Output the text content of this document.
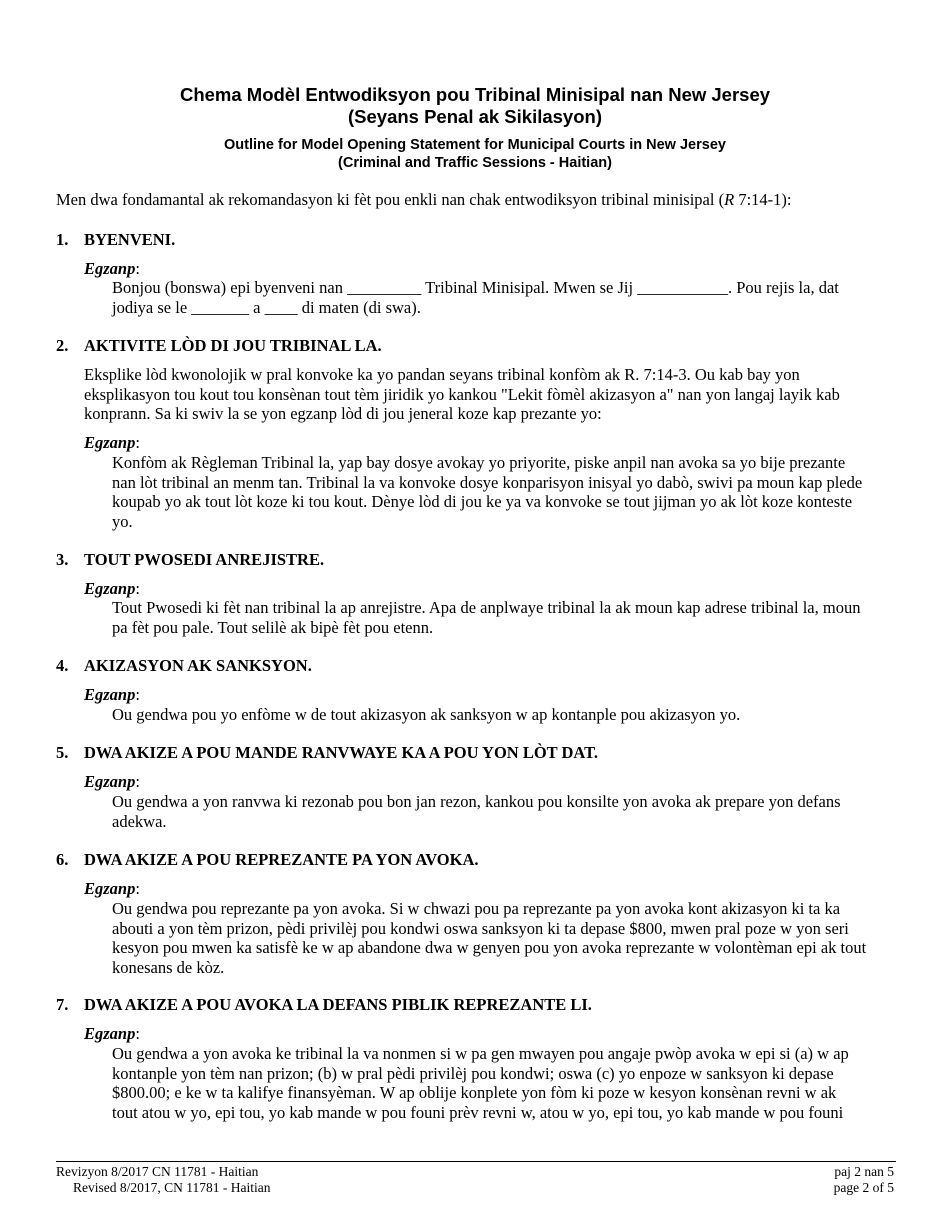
Chema Modèl Entwodiksyon pou Tribinal Minisipal nan New Jersey
(Seyans Penal ak Sikilasyon)
Outline for Model Opening Statement for Municipal Courts in New Jersey
(Criminal and Traffic Sessions - Haitian)
Men dwa fondamantal ak rekomandasyon ki fèt pou enkli nan chak entwodiksyon tribinal minisipal (R 7:14-1):
1. BYENVENI.
Egzanp:
Bonjou (bonswa) epi byenveni nan _________ Tribinal Minisipal. Mwen se Jij ___________. Pou rejis la, dat
jodiya se le _______ a ____ di maten (di swa).
2. AKTIVITE LÒD DI JOU TRIBINAL LA.
Eksplike lòd kwonolojik w pral konvoke ka yo pandan seyans tribinal konfòm ak R. 7:14-3. Ou kab bay yon
eksplikasyon tou kout tou konsènan tout tèm jiridik yo kankou "Lekit fòmèl akizasyon a" nan yon langaj layik kab
konprann. Sa ki swiv la se yon egzanp lòd di jou jeneral koze kap prezante yo:
Egzanp:
Konfòm ak Règleman Tribinal la, yap bay dosye avokay yo priyorite, piske anpil nan avoka sa yo bije prezante
nan lòt tribinal an menm tan. Tribinal la va konvoke dosye konparisyon inisyal yo dabò, swivi pa moun kap plede
koupab yo ak tout lòt koze ki tou kout. Dènye lòd di jou ke ya va konvoke se tout jijman yo ak lòt koze konteste
yo.
3. TOUT PWOSEDI ANREJISTRE.
Egzanp:
Tout Pwosedi ki fèt nan tribinal la ap anrejistre. Apa de anplwaye tribinal la ak moun kap adrese tribinal la, moun
pa fèt pou pale. Tout selilè ak bipè fèt pou etenn.
4. AKIZASYON AK SANKSYON.
Egzanp:
Ou gendwa pou yo enfòme w de tout akizasyon ak sanksyon w ap kontanple pou akizasyon yo.
5. DWA AKIZE A POU MANDE RANVWAYE KA A POU YON LÒT DAT.
Egzanp:
Ou gendwa a yon ranvwa ki rezonab pou bon jan rezon, kankou pou konsilte yon avoka ak prepare yon defans
adekwa.
6. DWA AKIZE A POU REPREZANTE PA YON AVOKA.
Egzanp:
Ou gendwa pou reprezante pa yon avoka. Si w chwazi pou pa reprezante pa yon avoka kont akizasyon ki ta ka
abouti a yon tèm prizon, pèdi privilèj pou kondwi oswa sanksyon ki ta depase $800, mwen pral poze w yon seri
kesyon pou mwen ka satisfè ke w ap abandone dwa w genyen pou yon avoka reprezante w volontèman epi ak tout
konesans de kòz.
7. DWA AKIZE A POU AVOKA LA DEFANS PIBLIK REPREZANTE LI.
Egzanp:
Ou gendwa a yon avoka ke tribinal la va nonmen si w pa gen mwayen pou angaje pwòp avoka w epi si (a) w ap
kontanple yon tèm nan prizon; (b) w pral pèdi privilèj pou kondwi; oswa (c) yo enpoze w sanksyon ki depase
$800.00; e ke w ta kalifye finansyèman. W ap oblije konplete yon fòm ki poze w kesyon konsènan revni w ak
tout atou w yo, epi tou, yo kab mande w pou founi prèv revni w, atou w yo, epi tou, yo kab mande w pou founi
Revizyon 8/2017 CN 11781 - Haitian
Revised 8/2017, CN 11781 - Haitian
paj 2 nan 5
page 2 of 5
